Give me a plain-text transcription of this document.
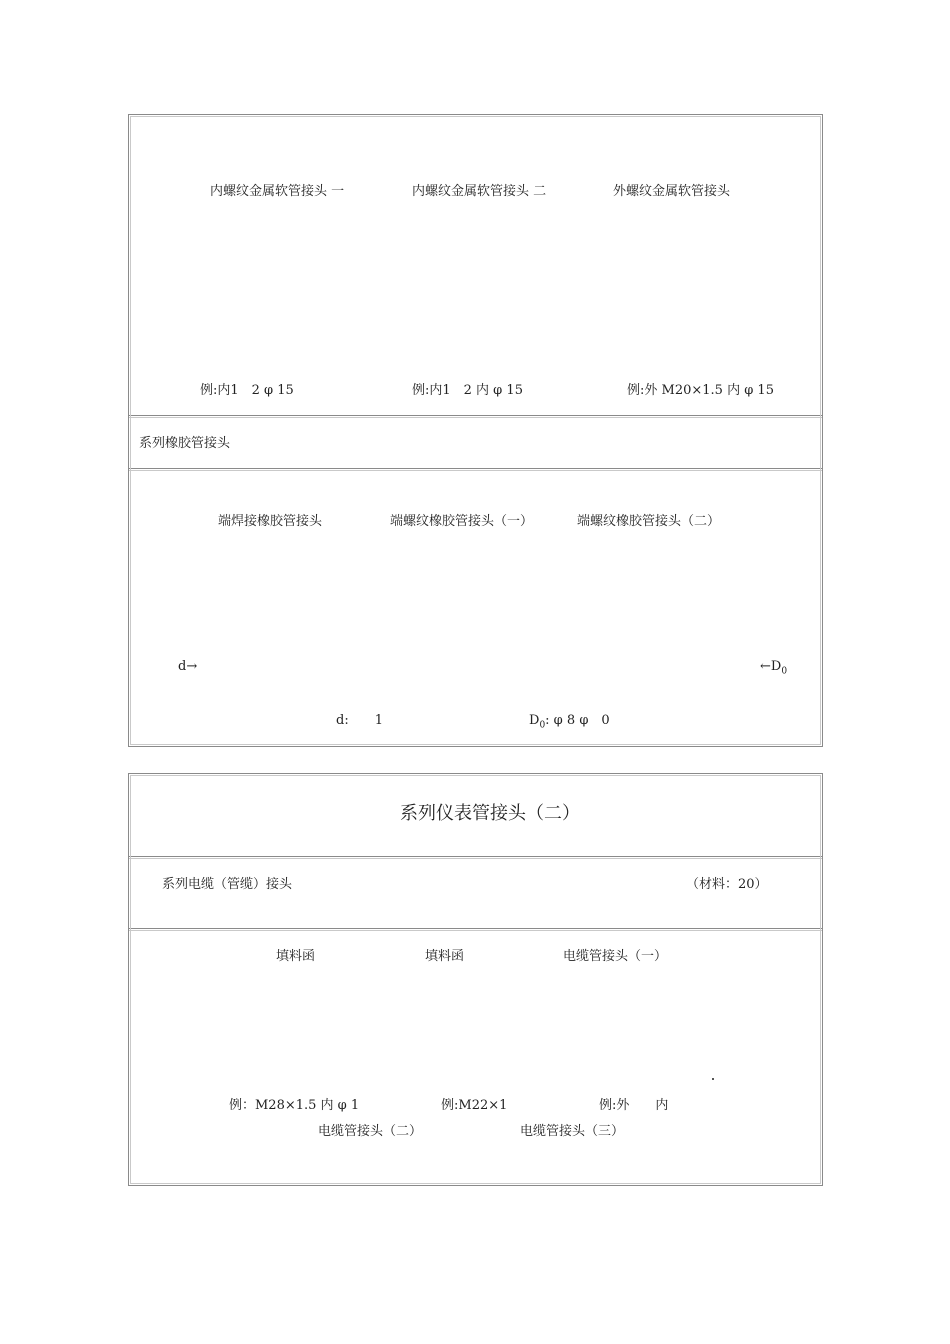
内螺纹金属软管接头 一	内螺纹金属软管接头 二	外螺纹金属软管接头
例:内1　2 φ 15	例:内1　2 内 φ 15	例:外 M20×1.5 内 φ 15
系列橡胶管接头
端焊接橡胶管接头	端螺纹橡胶管接头（一）	端螺纹橡胶管接头（二）
d→	$\leftarrow D_0$
d:　　1	$D_0$: φ 8 φ　0
系列仪表管接头（二）
系列电缆（管缆）接头	（材料：20）
填料函	填料函	电缆管接头（一）
例：M28×1.5 内 φ 1	例:M22×1	例:外　　内
电缆管接头（二）	电缆管接头（三）
